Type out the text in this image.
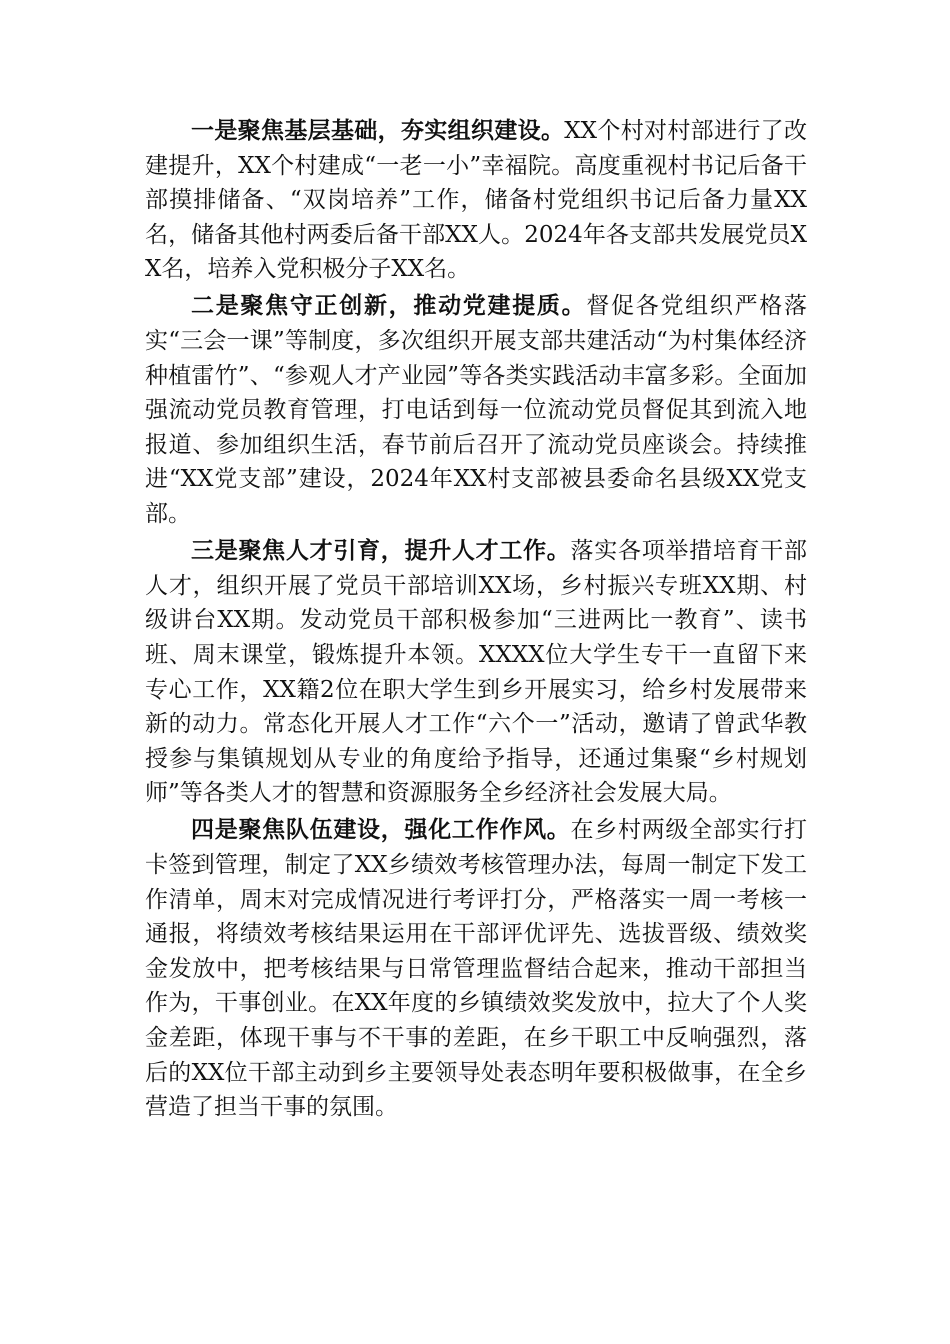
一是聚焦基层基础，夯实组织建设。XX个村对村部进行了改建提升，XX个村建成“一老一小”幸福院。高度重视村书记后备干部摸排储备、“双岗培养”工作，储备村党组织书记后备力量XX名，储备其他村两委后备干部XX人。2024年各支部共发展党员XX名，培养入党积极分子XX名。

二是聚焦守正创新，推动党建提质。督促各党组织严格落实“三会一课”等制度，多次组织开展支部共建活动“为村集体经济种植雷竹”、“参观人才产业园”等各类实践活动丰富多彩。全面加强流动党员教育管理，打电话到每一位流动党员督促其到流入地报道、参加组织生活，春节前后召开了流动党员座谈会。持续推进“XX党支部”建设，2024年XX村支部被县委命名县级XX党支部。

三是聚焦人才引育，提升人才工作。落实各项举措培育干部人才，组织开展了党员干部培训XX场，乡村振兴专班XX期、村级讲台XX期。发动党员干部积极参加“三进两比一教育”、读书班、周末课堂，锻炼提升本领。XXXX位大学生专干一直留下来专心工作，XX籍2位在职大学生到乡开展实习，给乡村发展带来新的动力。常态化开展人才工作“六个一”活动，邀请了曾武华教授参与集镇规划从专业的角度给予指导，还通过集聚“乡村规划师”等各类人才的智慧和资源服务全乡经济社会发展大局。

四是聚焦队伍建设，强化工作作风。在乡村两级全部实行打卡签到管理，制定了XX乡绩效考核管理办法，每周一制定下发工作清单，周末对完成情况进行考评打分，严格落实一周一考核一通报，将绩效考核结果运用在干部评优评先、选拔晋级、绩效奖金发放中，把考核结果与日常管理监督结合起来，推动干部担当作为，干事创业。在XX年度的乡镇绩效奖发放中，拉大了个人奖金差距，体现干事与不干事的差距，在乡干职工中反响强烈，落后的XX位干部主动到乡主要领导处表态明年要积极做事，在全乡营造了担当干事的氛围。
